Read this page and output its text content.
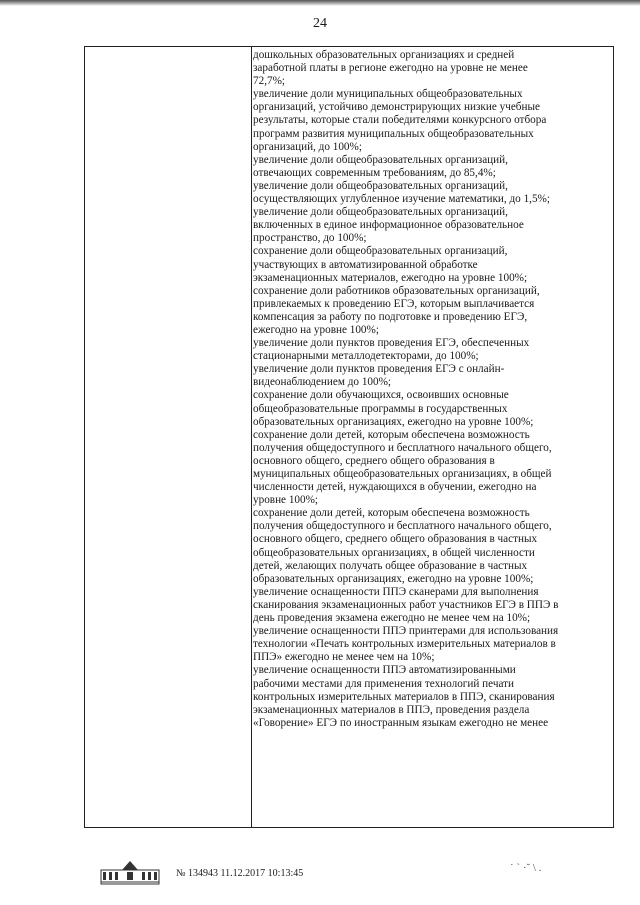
24
дошкольных образовательных организациях и средней
заработной платы в регионе ежегодно на уровне не менее
72,7%;
увеличение доли муниципальных общеобразовательных
организаций, устойчиво демонстрирующих низкие учебные
результаты, которые стали победителями конкурсного отбора
программ развития муниципальных общеобразовательных
организаций, до 100%;
увеличение доли общеобразовательных организаций,
отвечающих современным требованиям, до 85,4%;
увеличение доли общеобразовательных организаций,
осуществляющих углубленное изучение математики, до 1,5%;
увеличение доли общеобразовательных организаций,
включенных в единое информационное образовательное
пространство, до 100%;
сохранение доли общеобразовательных организаций,
участвующих в автоматизированной обработке
экзаменационных материалов, ежегодно на уровне 100%;
сохранение доли работников образовательных организаций,
привлекаемых к проведению ЕГЭ, которым выплачивается
компенсация за работу по подготовке и проведению ЕГЭ,
ежегодно на уровне 100%;
увеличение доли пунктов проведения ЕГЭ, обеспеченных
стационарными металлодетекторами, до 100%;
увеличение доли пунктов проведения ЕГЭ с онлайн-
видеонаблюдением до 100%;
сохранение доли обучающихся, освоивших основные
общеобразовательные программы в государственных
образовательных организациях, ежегодно на уровне 100%;
сохранение доли детей, которым обеспечена возможность
получения общедоступного и бесплатного начального общего,
основного общего, среднего общего образования в
муниципальных общеобразовательных организациях, в общей
численности детей, нуждающихся в обучении, ежегодно на
уровне 100%;
сохранение доли детей, которым обеспечена возможность
получения общедоступного и бесплатного начального общего,
основного общего, среднего общего образования в частных
общеобразовательных организациях, в общей численности
детей, желающих получать общее образование в частных
образовательных организациях, ежегодно на уровне 100%;
увеличение оснащенности ППЭ сканерами для выполнения
сканирования экзаменационных работ участников ЕГЭ в ППЭ в
день проведения экзамена ежегодно не менее чем на 10%;
увеличение оснащенности ППЭ принтерами для использования
технологии «Печать контрольных измерительных материалов в
ППЭ» ежегодно не менее чем на 10%;
увеличение оснащенности ППЭ автоматизированными
рабочими местами для применения технологий печати
контрольных измерительных материалов в ППЭ, сканирования
экзаменационных материалов в ППЭ, проведения раздела
«Говорение» ЕГЭ по иностранным языкам ежегодно не менее
№ 134943 11.12.2017 10:13:45	˙ ` ·˘ \ .
